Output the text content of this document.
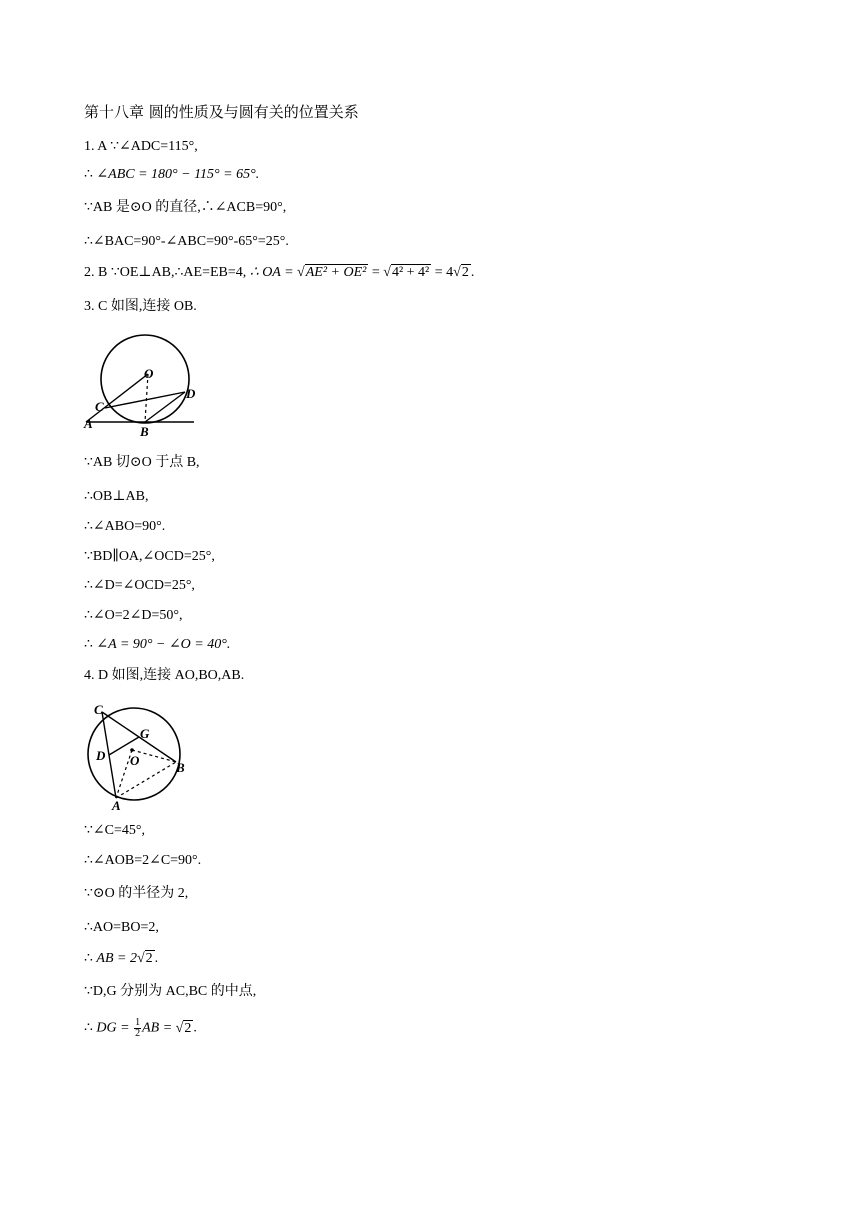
第十八章 圆的性质及与圆有关的位置关系
1. A ∵∠ADC=115°,
∴ ∠ABC = 180° − 115° = 65°.
∵AB 是⊙O 的直径,∴∠ACB=90°,
∴∠BAC=90°-∠ABC=90°-65°=25°.
2. B ∵OE⊥AB,∴AE=EB=4, ∴ OA = √AE² + OE² = √4² + 4² = 4√2 .
3. C 如图,连接 OB.
O
D
C
A
B
∵AB 切⊙O 于点 B,
∴OB⊥AB,
∴∠ABO=90°.
∵BD∥OA,∠OCD=25°,
∴∠D=∠OCD=25°,
∴∠O=2∠D=50°,
∴ ∠A = 90° − ∠O = 40°.
4. D 如图,连接 AO,BO,AB.
C
G
D O	B
A
∵∠C=45°,
∴∠AOB=2∠C=90°.
∵⊙O 的半径为 2,
∴AO=BO=2,
∴ AB = 2√2 .
∵D,G 分别为 AC,BC 的中点,
∴ DG = $\frac{1}{2}$ AB = √2 .
